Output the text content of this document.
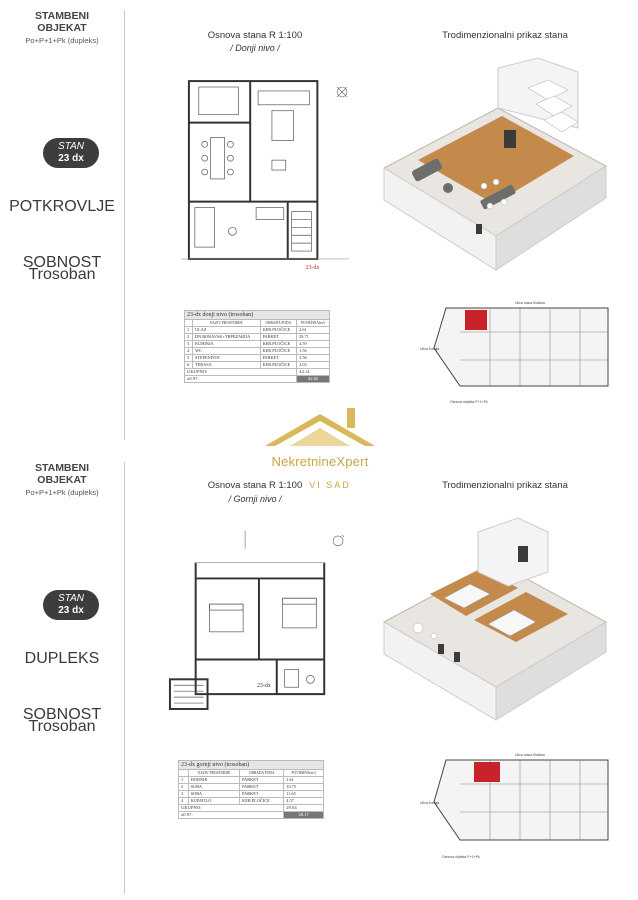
STAMBENI
OBJEKAT
Po+P+1+Pk (dupleks)
STAN
23 dx
POTKROVLJE
SOBNOST
Trosoban
Osnova stana R 1:100
/ Donji nivo /
Trodimenzionalni prikaz stana
23-dx
23-dx donji nivo (trosoban)			
	NAZIV PROSTORIJE	OBRADA PODA	POVRŠINA(m²)
1	ULAZ	KER.PLOČICE	2.61
2	DN.BORAVAK+TRPEZARIJA	PARKET	29.71
3	KUHINJA	KER.PLOČICE	4.59
4	WC	KER.PLOČICE	1.56
5	STEPENIŠTE	PARKET	3.56
6	TERASA	KER.PLOČICE	2.03
UKUPNO:			44.14
x0.97:			42.82
Ulica Ivana Boldiza
Ulica Kolinja
Osnova objekta P+1+Pk
NekretnineXpert
STAMBENI
OBJEKAT
Po+P+1+Pk (dupleks)
STAN
23 dx
DUPLEKS
SOBNOST
Trosoban
Osnova stana R 1:100
/ Gornji nivo /
Trodimenzionalni prikaz stana
VI SAD
23-dx
23-dx gornji nivo (trosoban)			
	NAZIV PROSTORIJE	OBRADA PODA	POVRŠINA(m²)
1	HODNIK	PARKET	2.61
2	SOBA	PARKET	10.75
3	SOBA	PARKET	11.65
4	KUPATILO	KER.PLOČICE	4.57
UKUPNO:			29.04
x0.97:			28.17
Ulica Ivana Boldiza
Ulica Kolinja
Osnova objekta P+1+Pk
